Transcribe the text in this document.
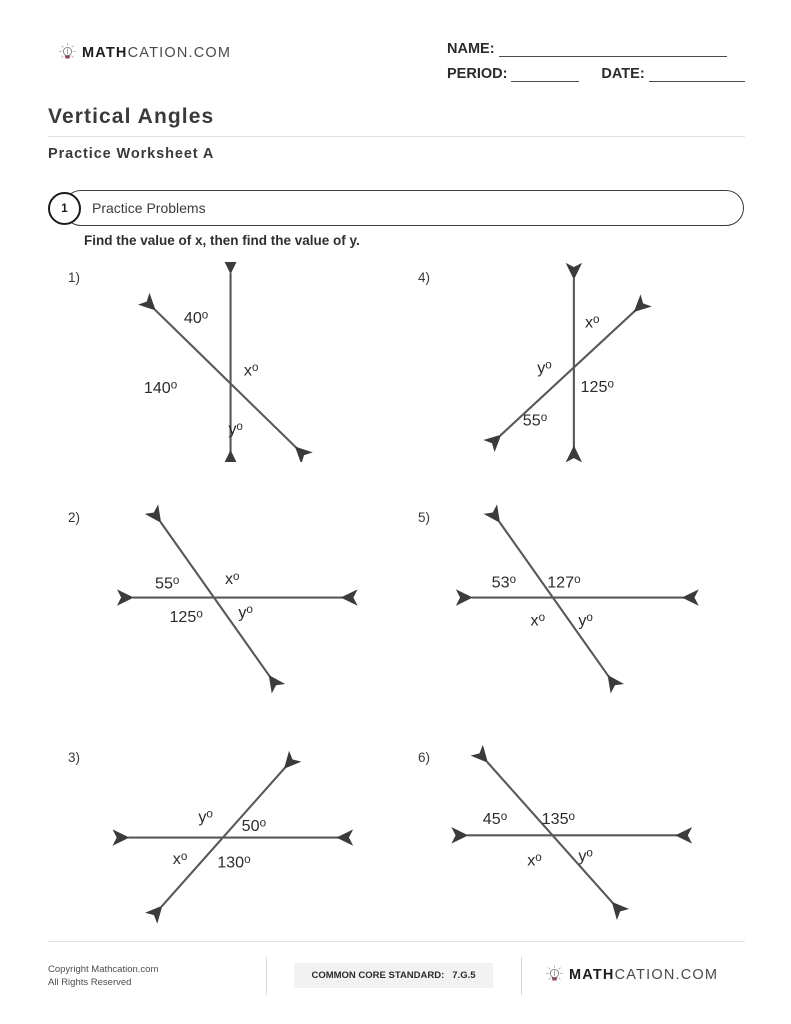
MATHCATION.COM	NAME:
PERIOD:	DATE:
Vertical Angles
Practice Worksheet A
Practice Problems
1
Find the value of x, then find the value of y.
1)
40$^o$
$x^o$
140$^o$
$y^o$
4)
$x^o$
$y^o$
125$^o$
55$^o$
2)
55$^o$	$x^o$
125$^o$ $y^o$
5)
53$^o$ 127$^o$
$x^o$ $y^o$
3)
$y^o$
50$^o$
$x^o$ 130$^o$
6)
45$^o$ 135$^o$
$x^o$	$y^o$
Copyright Mathcation.com
All Rights Reserved
COMMON CORE STANDARD: 7.G.5	MATHCATION.COM
